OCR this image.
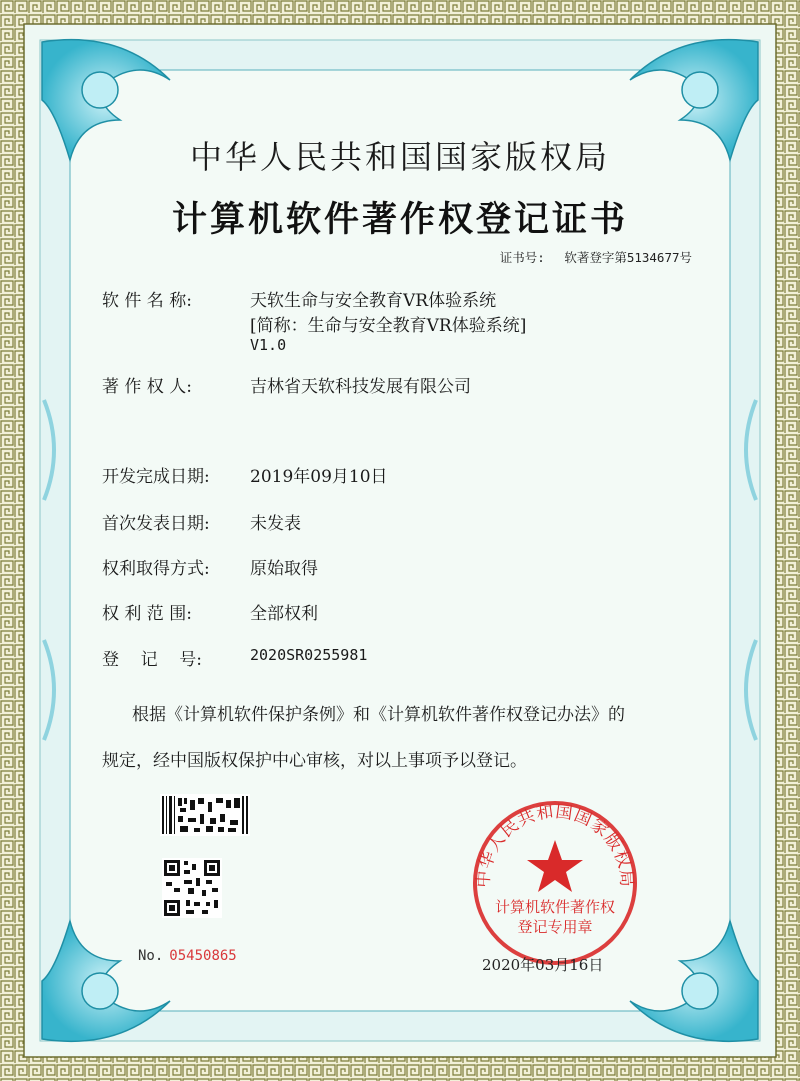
中华人民共和国国家版权局
计算机软件著作权登记证书
证书号: 软著登字第5134677号
软 件 名 称:	天软生命与安全教育VR体验系统
[简称：生命与安全教育VR体验系统]
V1.0
著 作 权 人:	吉林省天软科技发展有限公司
开发完成日期: 2019年09月10日
首次发表日期: 未发表
权利取得方式: 原始取得
权 利 范 围:	全部权利
登    记    号:	2020SR0255981
根据《计算机软件保护条例》和《计算机软件著作权登记办法》的
规定，经中国版权保护中心审核，对以上事项予以登记。
No. 05450865
中华人民共和国国家版权局
计算机软件著作权
登记专用章
2020年03月16日
